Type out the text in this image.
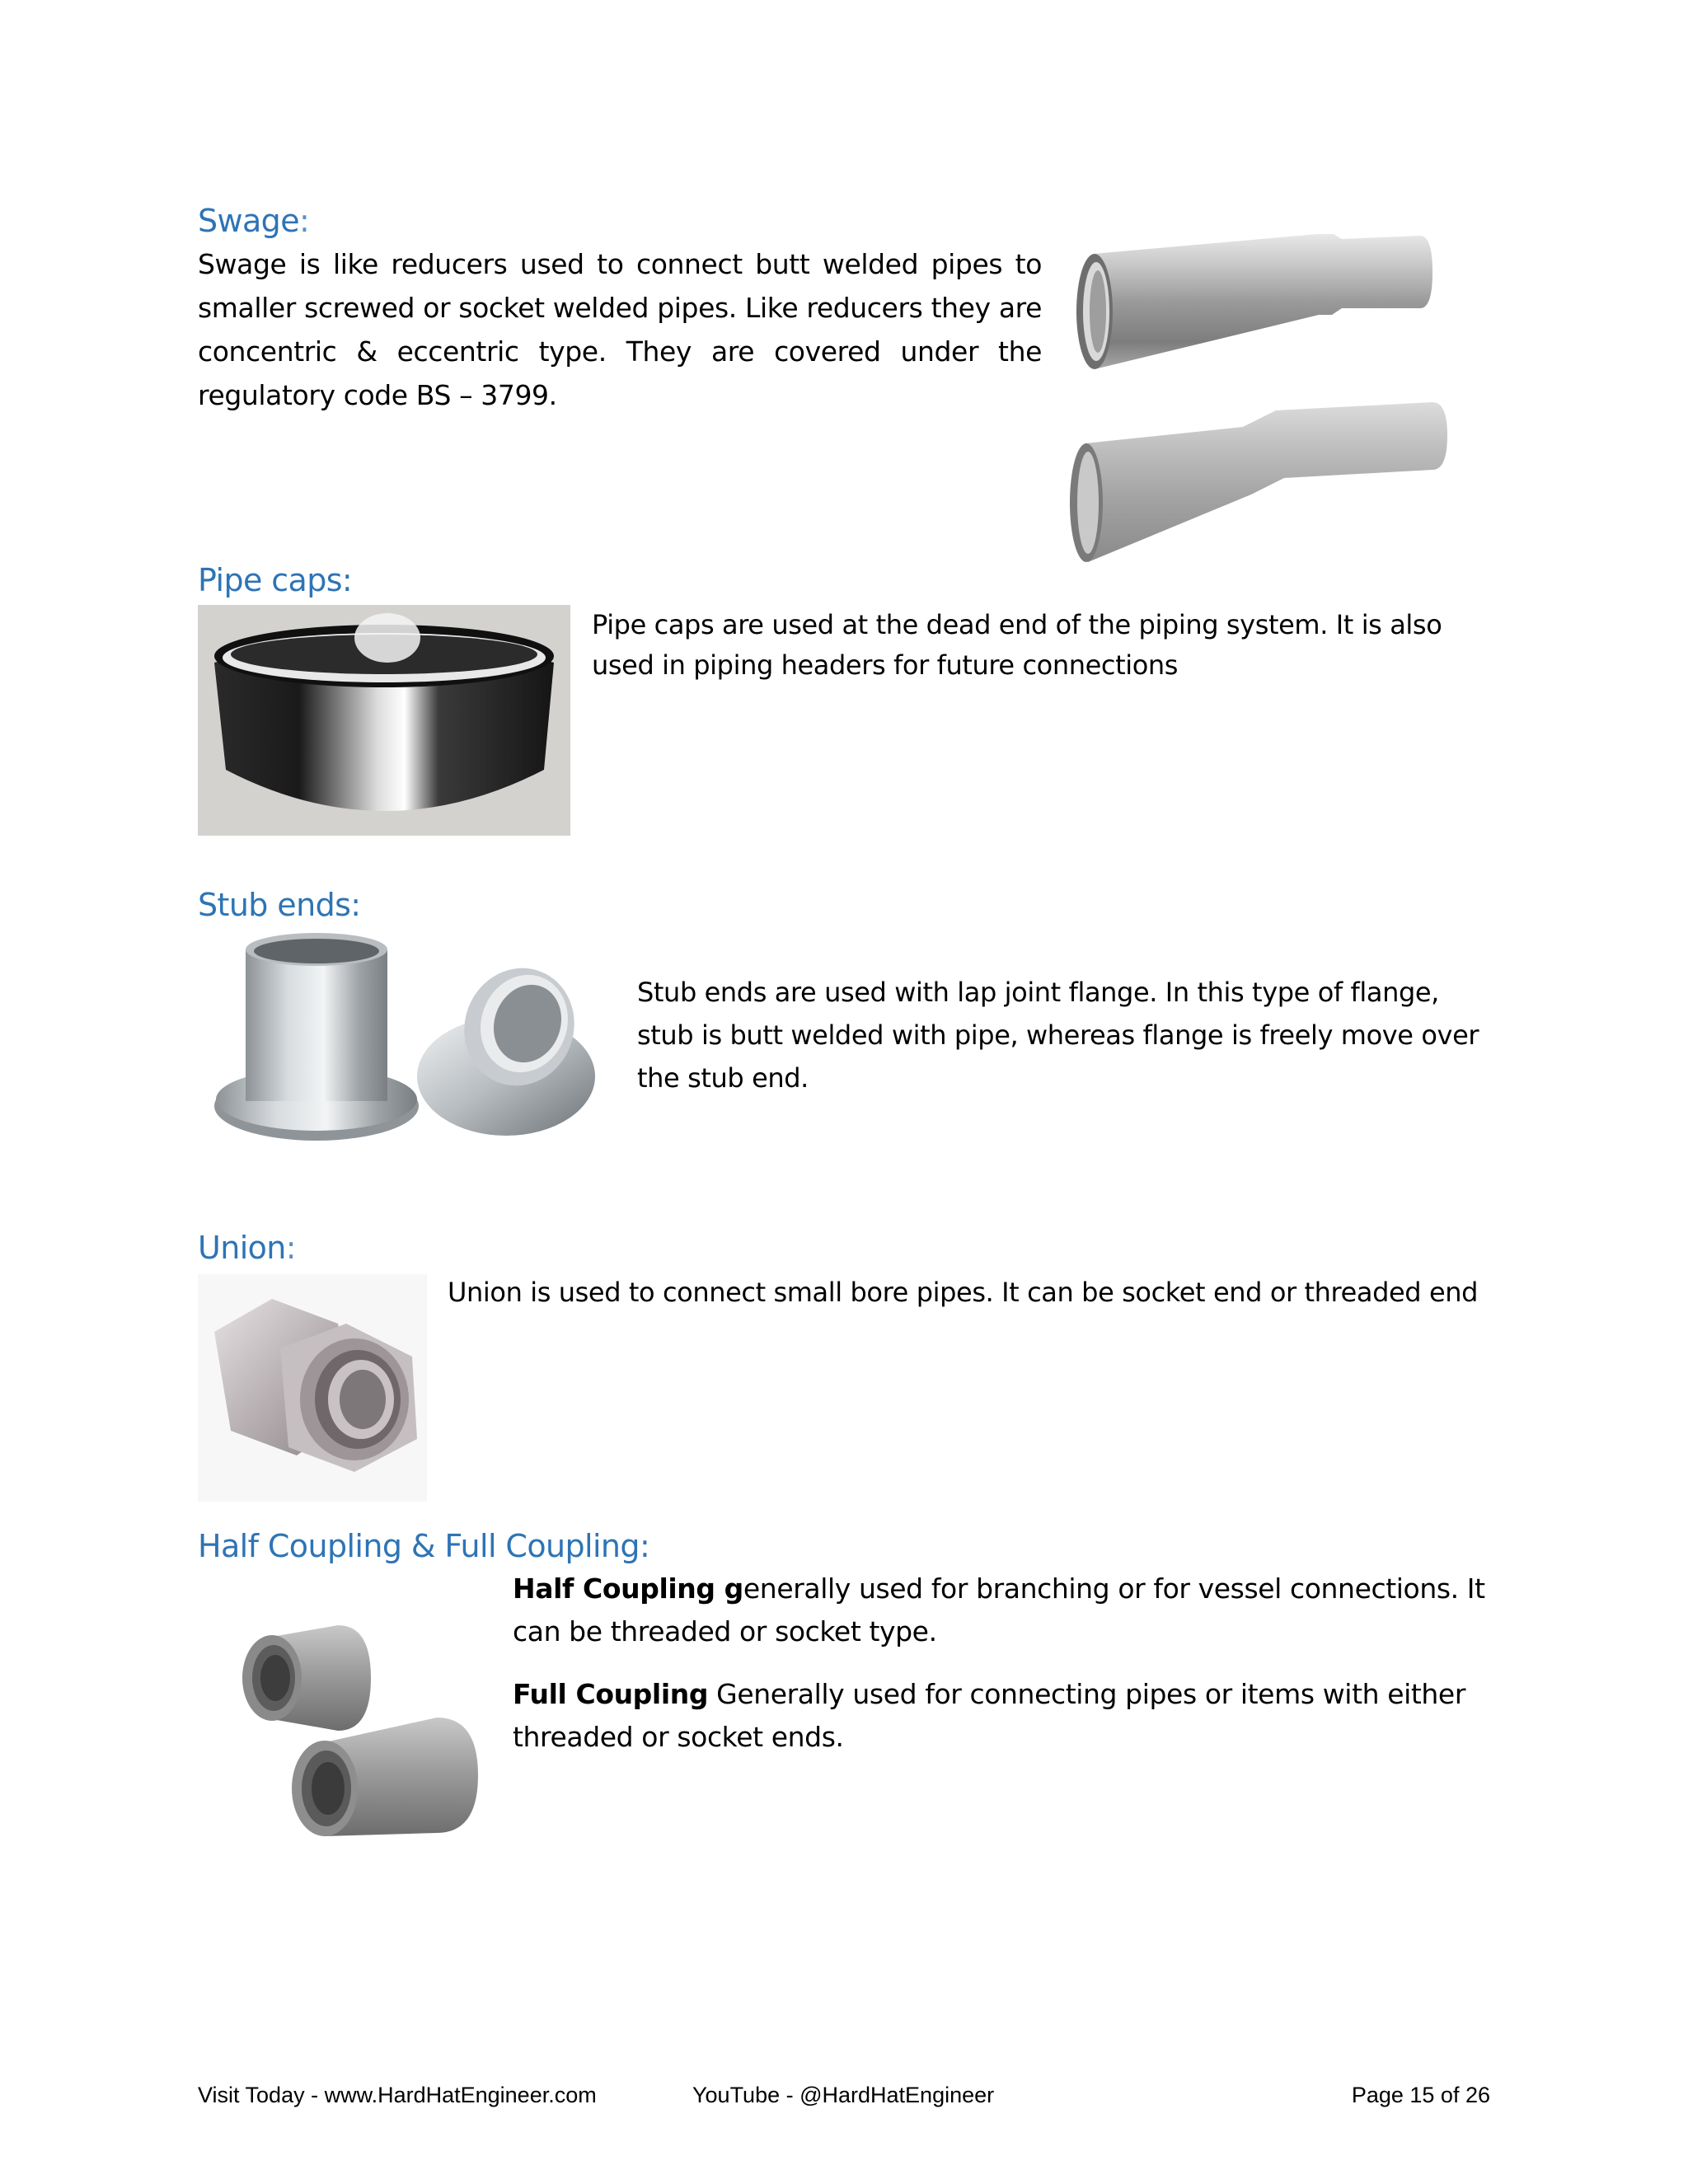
Swage:
Swage is like reducers used to connect butt welded pipes to smaller screwed or socket welded pipes. Like reducers they are concentric & eccentric type. They are covered under the regulatory code BS – 3799.
Pipe caps:
Pipe caps are used at the dead end of the piping system. It is also used in piping headers for future connections
Stub ends:
Stub ends are used with lap joint flange. In this type of flange, stub is butt welded with pipe, whereas flange is freely move over the stub end.
Union:
Union is used to connect small bore pipes. It can be socket end or threaded end
Half Coupling & Full Coupling:
Half Coupling generally used for branching or for vessel connections. It can be threaded or socket type.
Full Coupling Generally used for connecting pipes or items with either threaded or socket ends.
Visit Today - www.HardHatEngineer.com	YouTube - @HardHatEngineer	Page 15 of 26
